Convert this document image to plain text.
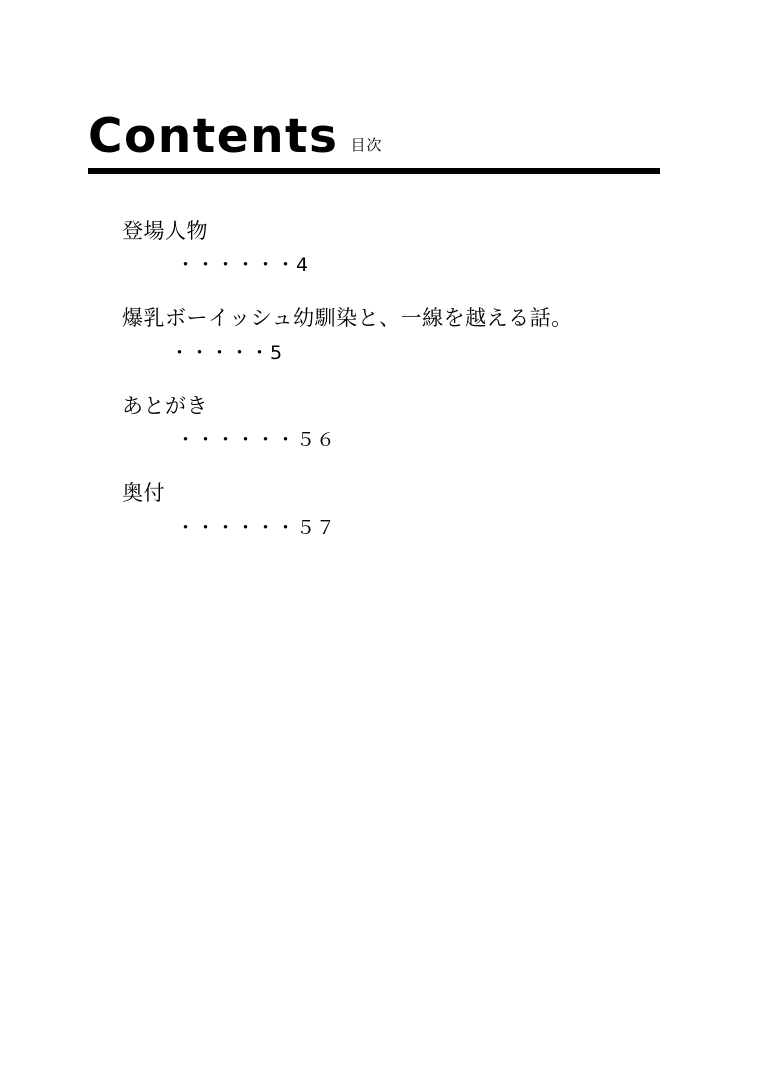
Contents 目次
登場人物
・・・・・・4
爆乳ボーイッシュ幼馴染と、一線を越える話。
・・・・・5
あとがき
・・・・・・５６
奥付
・・・・・・５７
